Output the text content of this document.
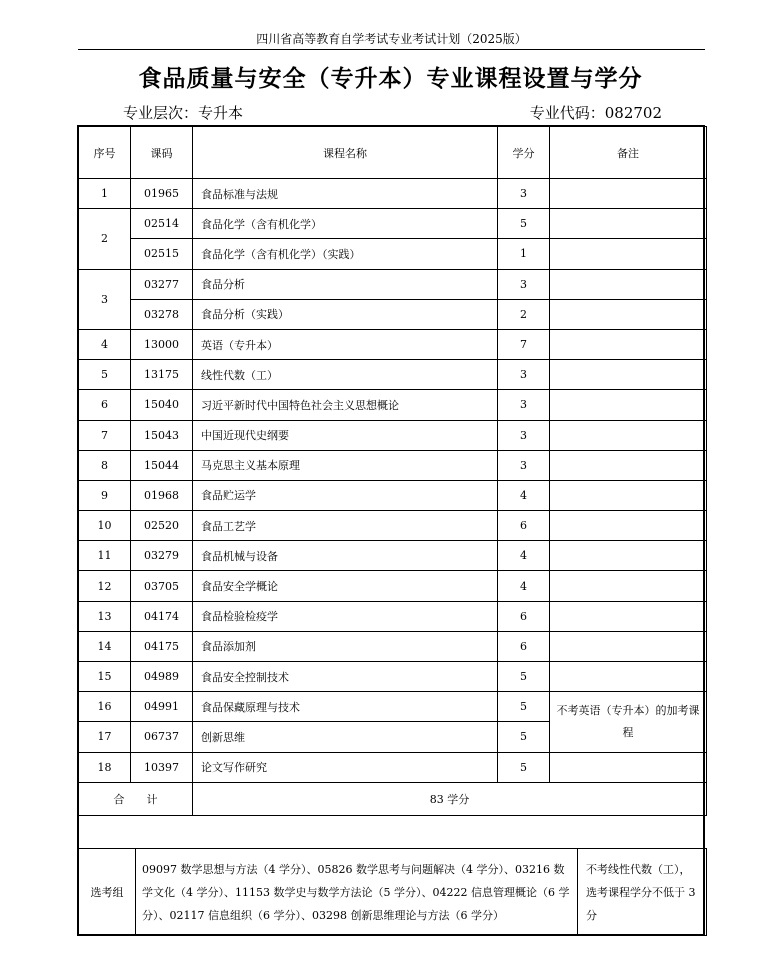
四川省高等教育自学考试专业考试计划（2025版）
食品质量与安全（专升本）专业课程设置与学分
专业层次：专升本	专业代码：082702
序号	课码	课程名称	学分	备注
1	01965	食品标准与法规	3	
2	02514	食品化学（含有机化学）	5	
	02515	食品化学（含有机化学）（实践）	1	
3	03277	食品分析	3	
	03278	食品分析（实践）	2	
4	13000	英语（专升本）	7	
5	13175	线性代数（工）	3	
6	15040	习近平新时代中国特色社会主义思想概论	3	
7	15043	中国近现代史纲要	3	
8	15044	马克思主义基本原理	3	
9	01968	食品贮运学	4	
10	02520	食品工艺学	6	
11	03279	食品机械与设备	4	
12	03705	食品安全学概论	4	
13	04174	食品检验检疫学	6	
14	04175	食品添加剂	6	
15	04989	食品安全控制技术	5	
16	04991	食品保藏原理与技术	5	不考英语（专升本）的加考课程
17	06737	创新思维	5	
18	10397	论文写作研究	5	
合　　计		83 学分		
选考组	09097 数学思想与方法（4 学分）、05826 数学思考与问题解决（4 学分）、03216 数学文化（4 学分）、11153 数学史与数学方法论（5 学分）、04222 信息管理概论（6 学分）、02117 信息组织（6 学分）、03298 创新思维理论与方法（6 学分）	不考线性代数（工），选考课程学分不低于 3 分
